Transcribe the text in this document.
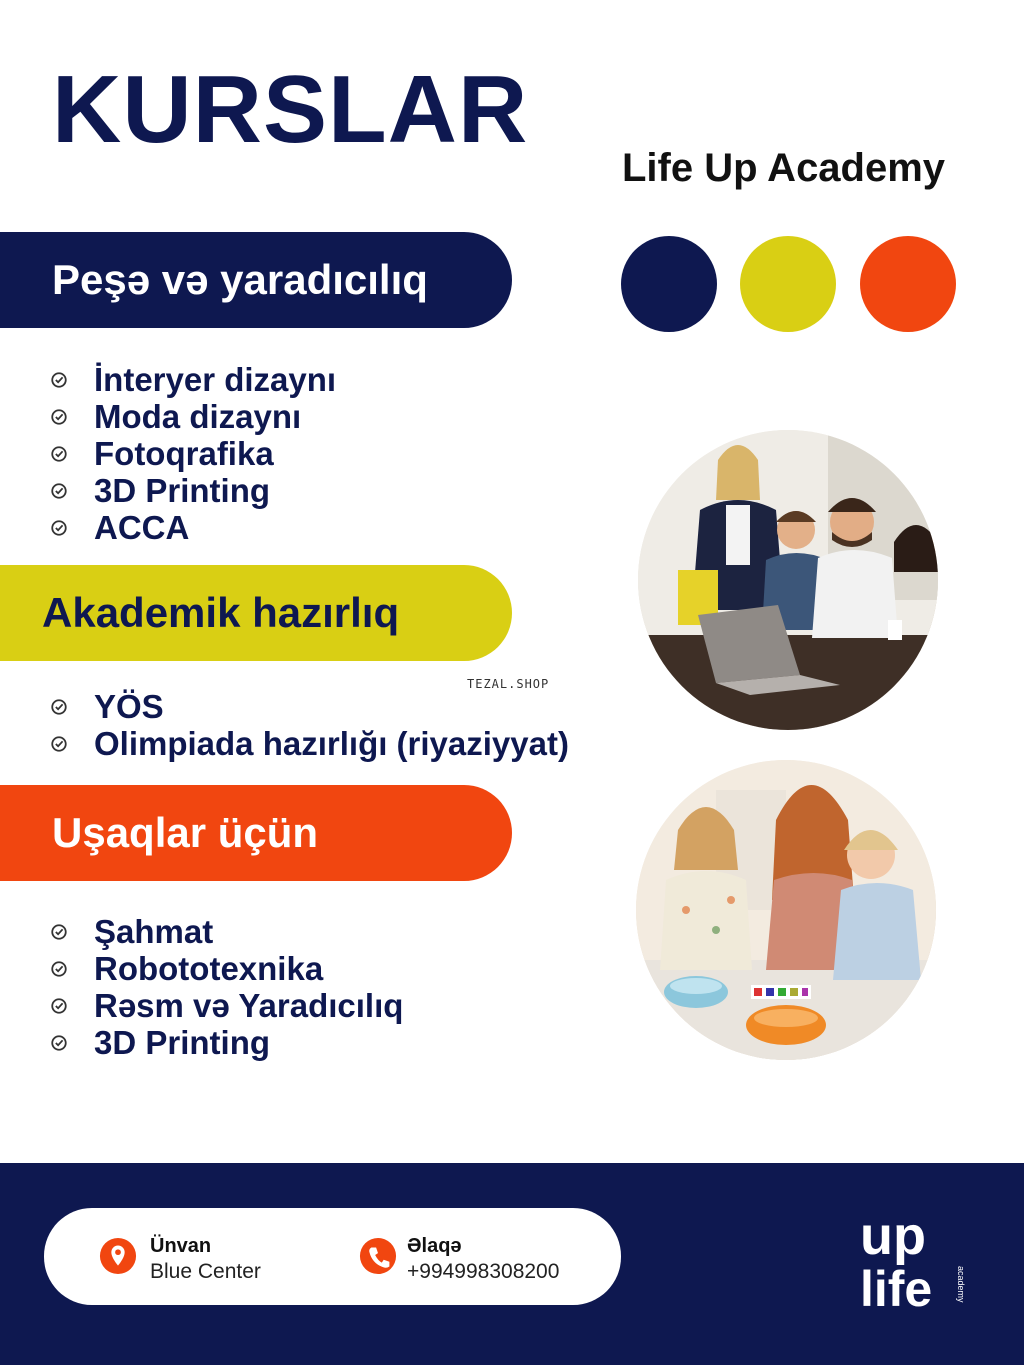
KURSLAR
Life Up Academy
Peşə və yaradıcılıq
İnteryer dizaynı
Moda dizaynı
Fotoqrafika
3D Printing
ACCA
Akademik hazırlıq
YÖS
Olimpiada hazırlığı (riyaziyyat)
Uşaqlar üçün
Şahmat
Robototexnika
Rəsm və Yaradıcılıq
3D Printing
TEZAL.SHOP
Ünvan
Blue Center
Əlaqə
+994998308200
up
life	academy
